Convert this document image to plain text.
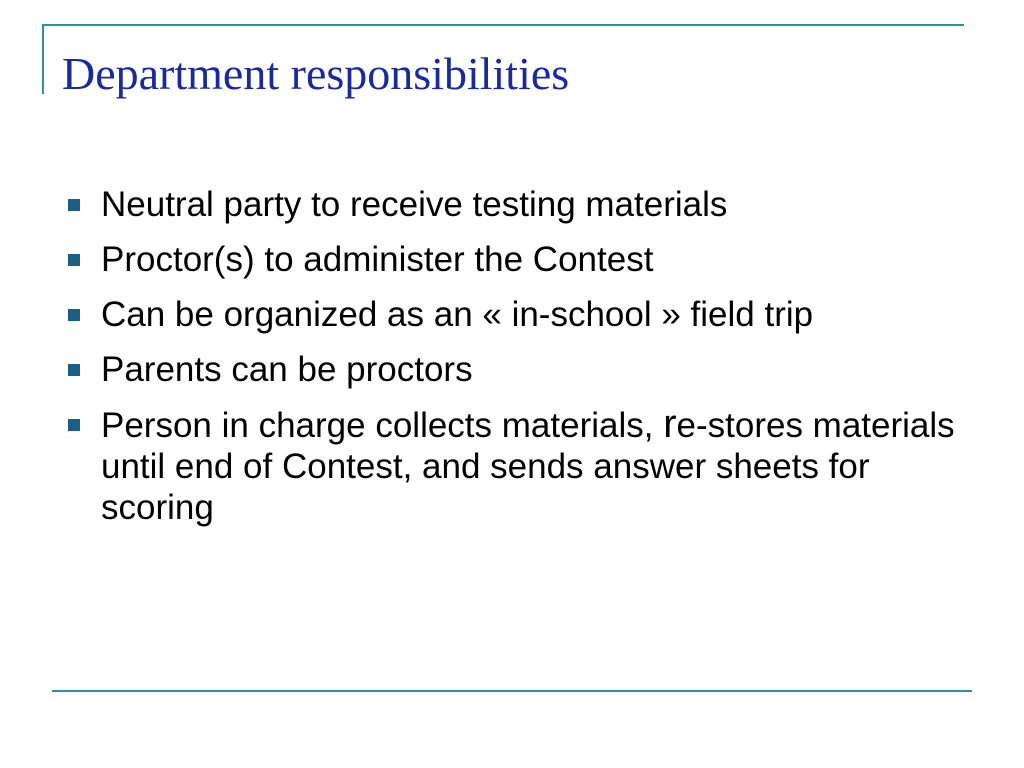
Department responsibilities
Neutral party to receive testing materials
Proctor(s) to administer the Contest
Can be organized as an « in-school » field trip
Parents can be proctors
Person in charge collects materials, re-stores materials until end of Contest, and sends answer sheets for scoring
